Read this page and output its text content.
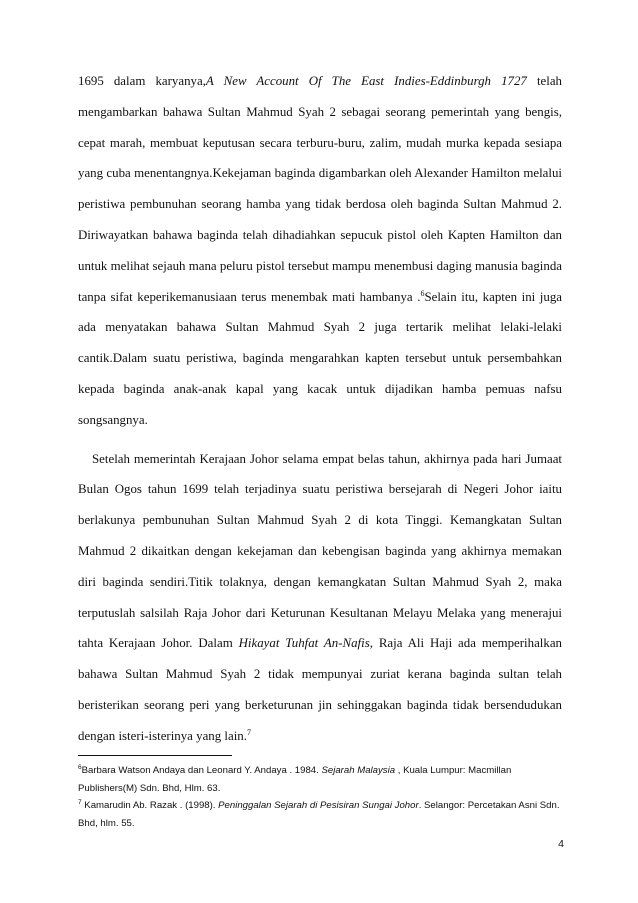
1695 dalam karyanya,A New Account Of The East Indies-Eddinburgh 1727 telah mengambarkan bahawa Sultan Mahmud Syah 2 sebagai seorang pemerintah yang bengis, cepat marah, membuat keputusan secara terburu-buru, zalim, mudah murka kepada sesiapa yang cuba menentangnya.Kekejaman baginda digambarkan oleh Alexander Hamilton melalui peristiwa pembunuhan seorang hamba yang tidak berdosa oleh baginda Sultan Mahmud 2. Diriwayatkan bahawa baginda telah dihadiahkan sepucuk pistol oleh Kapten Hamilton dan untuk melihat sejauh mana peluru pistol tersebut mampu menembusi daging manusia baginda tanpa sifat keperikemanusiaan terus menembak mati hambanya .$^6$Selain itu, kapten ini juga ada menyatakan bahawa Sultan Mahmud Syah 2 juga tertarik melihat lelaki-lelaki cantik.Dalam suatu peristiwa, baginda mengarahkan kapten tersebut untuk persembahkan kepada baginda anak-anak kapal yang kacak untuk dijadikan hamba pemuas nafsu songsangnya.

Setelah memerintah Kerajaan Johor selama empat belas tahun, akhirnya pada hari Jumaat Bulan Ogos tahun 1699 telah terjadinya suatu peristiwa bersejarah di Negeri Johor iaitu berlakunya pembunuhan Sultan Mahmud Syah 2 di kota Tinggi. Kemangkatan Sultan Mahmud 2 dikaitkan dengan kekejaman dan kebengisan baginda yang akhirnya memakan diri baginda sendiri.Titik tolaknya, dengan kemangkatan Sultan Mahmud Syah 2, maka terputuslah salsilah Raja Johor dari Keturunan Kesultanan Melayu Melaka yang menerajui tahta Kerajaan Johor. Dalam Hikayat Tuhfat An-Nafis, Raja Ali Haji ada memperihalkan bahawa Sultan Mahmud Syah 2 tidak mempunyai zuriat kerana baginda sultan telah beristerikan seorang peri yang berketurunan jin sehinggakan baginda tidak bersendudukan dengan isteri-isterinya yang lain.$^7$

$^6$Barbara Watson Andaya dan Leonard Y. Andaya . 1984. Sejarah Malaysia , Kuala Lumpur: Macmillan Publishers(M) Sdn. Bhd, Hlm. 63.

$^7$ Kamarudin Ab. Razak . (1998). Peninggalan Sejarah di Pesisiran Sungai Johor. Selangor: Percetakan Asni Sdn. Bhd, hlm. 55.

4
